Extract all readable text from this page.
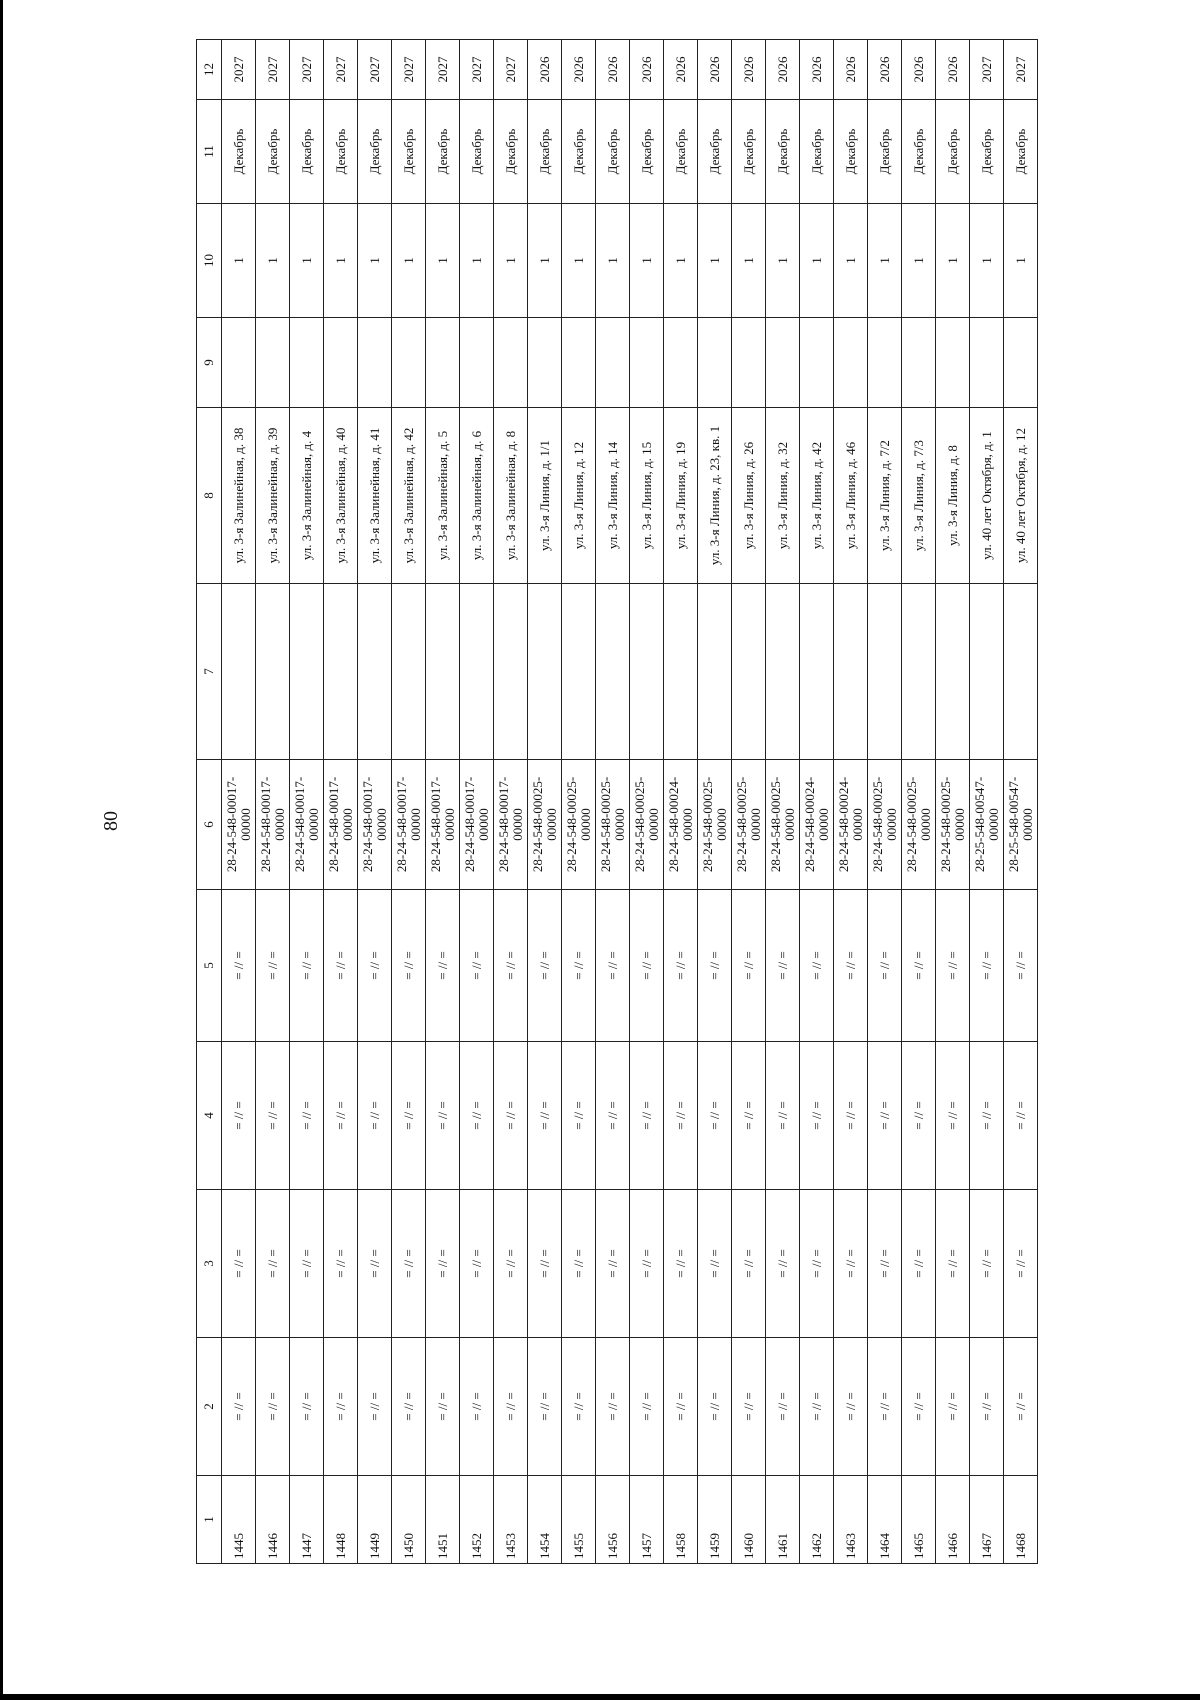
80
1	2	3	4	5	6	7	8	9	10	11	12
1445	= // =	= // =	= // =	= // =	28-24-548-00017-00000		ул. 3-я Залинейная, д. 38		1	Декабрь	2027
1446	= // =	= // =	= // =	= // =	28-24-548-00017-00000		ул. 3-я Залинейная, д. 39		1	Декабрь	2027
1447	= // =	= // =	= // =	= // =	28-24-548-00017-00000		ул. 3-я Залинейная, д. 4		1	Декабрь	2027
1448	= // =	= // =	= // =	= // =	28-24-548-00017-00000		ул. 3-я Залинейная, д. 40		1	Декабрь	2027
1449	= // =	= // =	= // =	= // =	28-24-548-00017-00000		ул. 3-я Залинейная, д. 41		1	Декабрь	2027
1450	= // =	= // =	= // =	= // =	28-24-548-00017-00000		ул. 3-я Залинейная, д. 42		1	Декабрь	2027
1451	= // =	= // =	= // =	= // =	28-24-548-00017-00000		ул. 3-я Залинейная, д. 5		1	Декабрь	2027
1452	= // =	= // =	= // =	= // =	28-24-548-00017-00000		ул. 3-я Залинейная, д. 6		1	Декабрь	2027
1453	= // =	= // =	= // =	= // =	28-24-548-00017-00000		ул. 3-я Залинейная, д. 8		1	Декабрь	2027
1454	= // =	= // =	= // =	= // =	28-24-548-00025-00000		ул. 3-я Линия, д. 1/1		1	Декабрь	2026
1455	= // =	= // =	= // =	= // =	28-24-548-00025-00000		ул. 3-я Линия, д. 12		1	Декабрь	2026
1456	= // =	= // =	= // =	= // =	28-24-548-00025-00000		ул. 3-я Линия, д. 14		1	Декабрь	2026
1457	= // =	= // =	= // =	= // =	28-24-548-00025-00000		ул. 3-я Линия, д. 15		1	Декабрь	2026
1458	= // =	= // =	= // =	= // =	28-24-548-00024-00000		ул. 3-я Линия, д. 19		1	Декабрь	2026
1459	= // =	= // =	= // =	= // =	28-24-548-00025-00000		ул. 3-я Линия, д. 23, кв. 1		1	Декабрь	2026
1460	= // =	= // =	= // =	= // =	28-24-548-00025-00000		ул. 3-я Линия, д. 26		1	Декабрь	2026
1461	= // =	= // =	= // =	= // =	28-24-548-00025-00000		ул. 3-я Линия, д. 32		1	Декабрь	2026
1462	= // =	= // =	= // =	= // =	28-24-548-00024-00000		ул. 3-я Линия, д. 42		1	Декабрь	2026
1463	= // =	= // =	= // =	= // =	28-24-548-00024-00000		ул. 3-я Линия, д. 46		1	Декабрь	2026
1464	= // =	= // =	= // =	= // =	28-24-548-00025-00000		ул. 3-я Линия, д. 7/2		1	Декабрь	2026
1465	= // =	= // =	= // =	= // =	28-24-548-00025-00000		ул. 3-я Линия, д. 7/3		1	Декабрь	2026
1466	= // =	= // =	= // =	= // =	28-24-548-00025-00000		ул. 3-я Линия, д. 8		1	Декабрь	2026
1467	= // =	= // =	= // =	= // =	28-25-548-00547-00000		ул. 40 лет Октября, д. 1		1	Декабрь	2027
1468	= // =	= // =	= // =	= // =	28-25-548-00547-00000		ул. 40 лет Октября, д. 12		1	Декабрь	2027
